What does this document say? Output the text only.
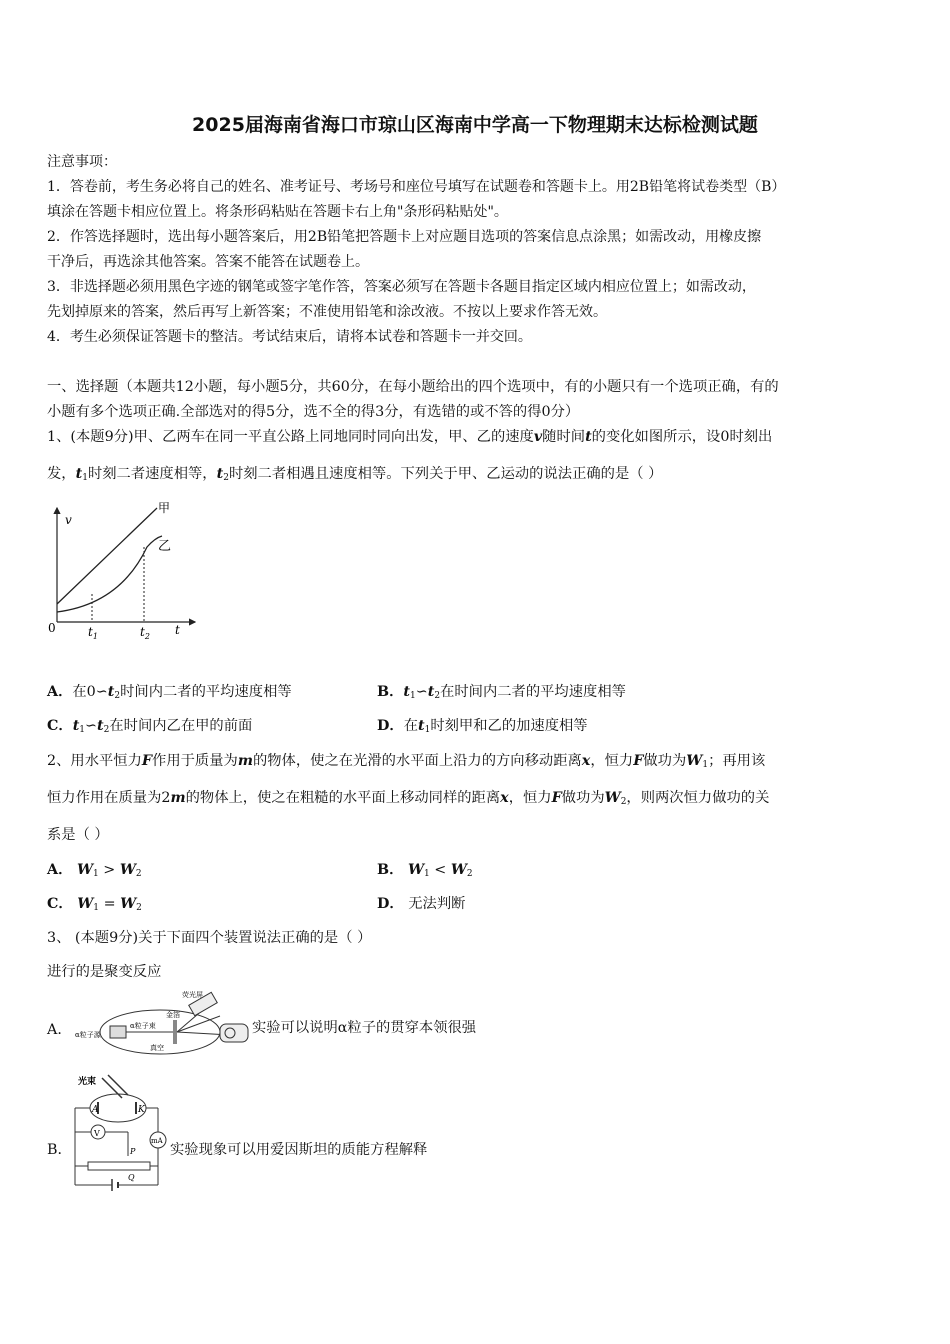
2025届海南省海口市琼山区海南中学高一下物理期末达标检测试题
注意事项：
1．答卷前，考生务必将自己的姓名、准考证号、考场号和座位号填写在试题卷和答题卡上。用2B铅笔将试卷类型（B）
填涂在答题卡相应位置上。将条形码粘贴在答题卡右上角"条形码粘贴处"。
2．作答选择题时，选出每小题答案后，用2B铅笔把答题卡上对应题目选项的答案信息点涂黑；如需改动，用橡皮擦
干净后，再选涂其他答案。答案不能答在试题卷上。
3．非选择题必须用黑色字迹的钢笔或签字笔作答，答案必须写在答题卡各题目指定区域内相应位置上；如需改动，
先划掉原来的答案，然后再写上新答案；不准使用铅笔和涂改液。不按以上要求作答无效。
4．考生必须保证答题卡的整洁。考试结束后，请将本试卷和答题卡一并交回。
一、选择题（本题共12小题，每小题5分，共60分，在每小题给出的四个选项中，有的小题只有一个选项正确，有的
小题有多个选项正确.全部选对的得5分，选不全的得3分，有选错的或不答的得0分）
1、(本题9分)甲、乙两车在同一平直公路上同地同时同向出发，甲、乙的速度v随时间t的变化如图所示，设0时刻出
发，$t_1$时刻二者速度相等，$t_2$时刻二者相遇且速度相等。下列关于甲、乙运动的说法正确的是（ ）
v
t
0	$t_1$	$t_2$
甲
乙
A．在$0∽t_2$时间内二者的平均速度相等	B．$t_1∽t_2$在时间内二者的平均速度相等
C．$t_1∽t_2$在时间内乙在甲的前面	D．在$t_1$时刻甲和乙的加速度相等
2、用水平恒力F作用于质量为m的物体，使之在光滑的水平面上沿力的方向移动距离x，恒力F做功为$W_1$；再用该
恒力作用在质量为2m的物体上，使之在粗糙的水平面上移动同样的距离x，恒力F做功为$W_2$，则两次恒力做功的关
系是（ ）
A． $W_1 > W_2$	B． $W_1 < W_2$
C． $W_1 = W_2$	D． 无法判断
3、 (本题9分)关于下面四个装置说法正确的是（ ）
进行的是聚变反应
A．
荧光屏
金箔
α粒子束
α粒子源
真空
实验可以说明α粒子的贯穿本领很强
B．
光束
A	K
mA
V
P
Q
实验现象可以用爱因斯坦的质能方程解释
